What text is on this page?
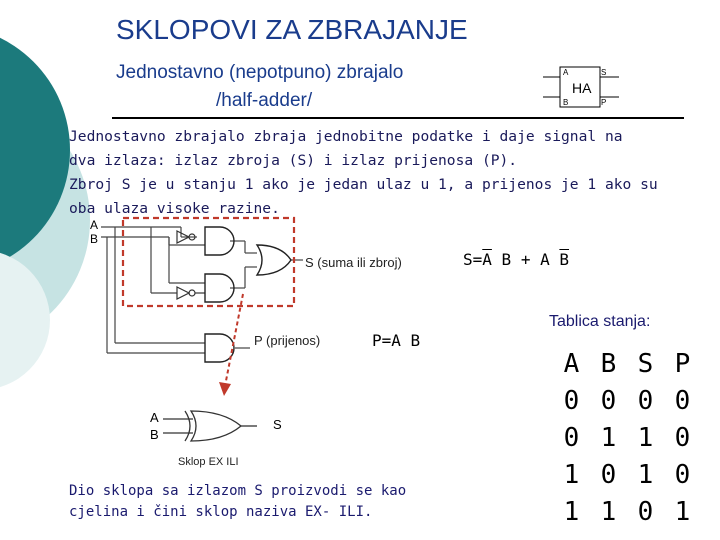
SKLOPOVI ZA ZBRAJANJE
Jednostavno (nepotpuno) zbrajalo
/half-adder/
A
B
HA
S
P
Jednostavno zbrajalo zbraja jednobitne podatke i daje signal na
dva izlaza: izlaz zbroja (S) i izlaz prijenosa (P).
Zbroj S je u stanju 1 ako je jedan ulaz u 1, a prijenos je 1 ako su
oba ulaza visoke razine.
A
B
S (suma ili zbroj)
P (prijenos)
$S=\overline{A}$ B + A $\overline{B}$
P=A B
A
B
S
Sklop EX ILI
Dio sklopa sa izlazom S proizvodi se kao
cjelina i čini sklop naziva EX- ILI.
Tablica stanja:
A	B	S	P
0	0	0	0
0	1	1	0
1	0	1	0
1	1	0	1
